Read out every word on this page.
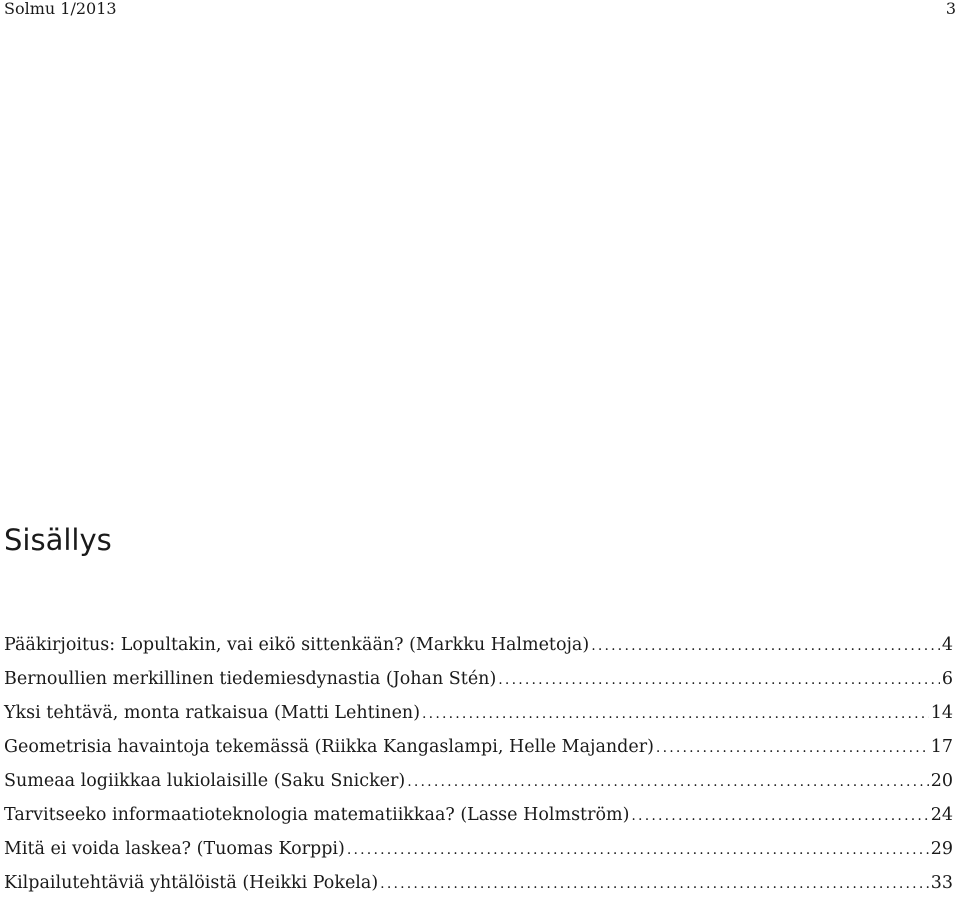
Solmu 1/2013	3
Sisällys
Pääkirjoitus: Lopultakin, vai eikö sittenkään? (Markku Halmetoja) .....	4
Bernoullien merkillinen tiedemiesdynastia (Johan Stén) .....	6
Yksi tehtävä, monta ratkaisua (Matti Lehtinen) .....	14
Geometrisia havaintoja tekemässä (Riikka Kangaslampi, Helle Majander) .....	17
Sumeaa logiikkaa lukiolaisille (Saku Snicker) .....	20
Tarvitseeko informaatioteknologia matematiikkaa? (Lasse Holmström) .....	24
Mitä ei voida laskea? (Tuomas Korppi) .....	29
Kilpailutehtäviä yhtälöistä (Heikki Pokela) .....	33
